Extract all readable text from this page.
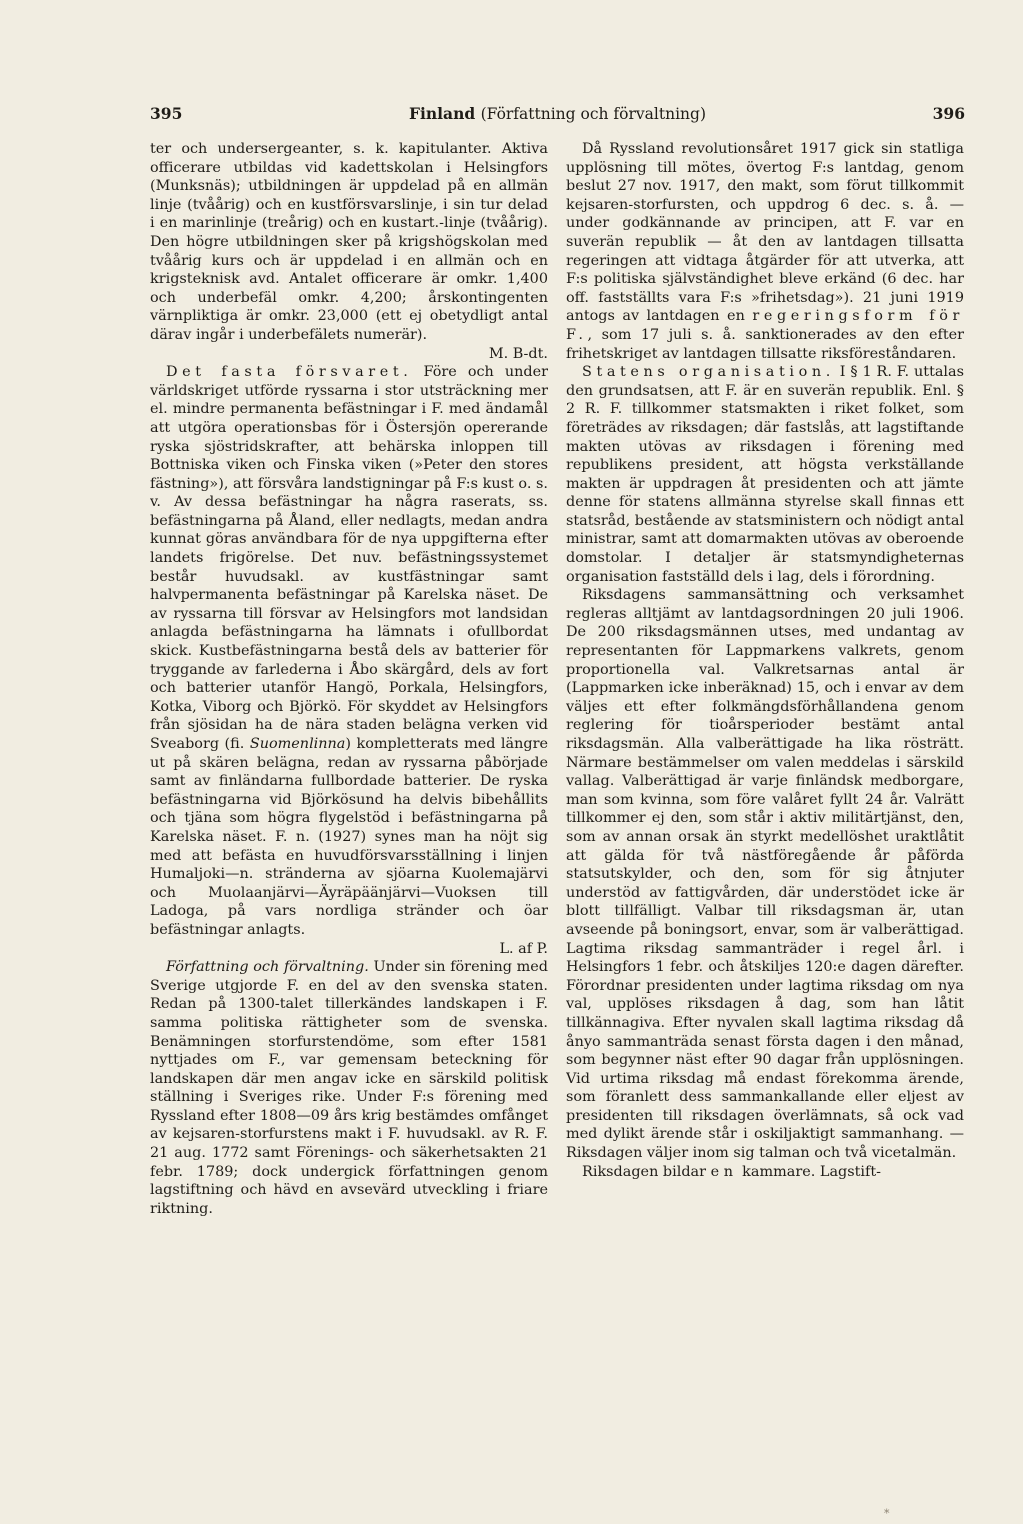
395	Finland (Författning och förvaltning)	396

ter och undersergeanter, s. k. kapitulanter. Aktiva officerare utbildas vid kadettskolan i Helsingfors (Munksnäs); utbildningen är uppdelad på en allmän linje (tvåårig) och en kustförsvarslinje, i sin tur delad i en marinlinje (treårig) och en kustart.-linje (tvåårig). Den högre utbildningen sker på krigshögskolan med tvåårig kurs och är uppdelad i en allmän och en krigsteknisk avd. Antalet officerare är omkr. 1,400 och underbefäl omkr. 4,200; årskontingenten värnpliktiga är omkr. 23,000 (ett ej obetydligt antal därav ingår i underbefälets numerär).

M. B-dt.

Det fasta försvaret. Före och under världskriget utförde ryssarna i stor utsträckning mer el. mindre permanenta befästningar i F. med ändamål att utgöra operationsbas för i Östersjön opererande ryska sjöstridskrafter, att behärska inloppen till Bottniska viken och Finska viken (»Peter den stores fästning»), att försvåra landstigningar på F:s kust o. s. v. Av dessa befästningar ha några raserats, ss. befästningarna på Åland, eller nedlagts, medan andra kunnat göras användbara för de nya uppgifterna efter landets frigörelse. Det nuv. befästningssystemet består huvudsakl. av kustfästningar samt halvpermanenta befästningar på Karelska näset. De av ryssarna till försvar av Helsingfors mot landsidan anlagda befästningarna ha lämnats i ofullbordat skick. Kustbefästningarna bestå dels av batterier för tryggande av farlederna i Åbo skärgård, dels av fort och batterier utanför Hangö, Porkala, Helsingfors, Kotka, Viborg och Björkö. För skyddet av Helsingfors från sjösidan ha de nära staden belägna verken vid Sveaborg (fi. Suomenlinna) kompletterats med längre ut på skären belägna, redan av ryssarna påbörjade samt av finländarna fullbordade batterier. De ryska befästningarna vid Björkösund ha delvis bibehållits och tjäna som högra flygelstöd i befästningarna på Karelska näset. F. n. (1927) synes man ha nöjt sig med att befästa en huvudförsvarsställning i linjen Humaljoki—n. stränderna av sjöarna Kuolemajärvi och Muolaanjärvi—Äyräpäänjärvi—Vuoksen till Ladoga, på vars nordliga stränder och öar befästningar anlagts.

L. af P.

Författning och förvaltning. Under sin förening med Sverige utgjorde F. en del av den svenska staten. Redan på 1300-talet tillerkändes landskapen i F. samma politiska rättigheter som de svenska. Benämningen storfurstendöme, som efter 1581 nyttjades om F., var gemensam beteckning för landskapen där men angav icke en särskild politisk ställning i Sveriges rike. Under F:s förening med Ryssland efter 1808—09 års krig bestämdes omfånget av kejsaren-storfurstens makt i F. huvudsakl. av R. F. 21 aug. 1772 samt Förenings- och säkerhetsakten 21 febr. 1789; dock undergick författningen genom lagstiftning och hävd en avsevärd utveckling i friare riktning.

Då Ryssland revolutionsåret 1917 gick sin statliga upplösning till mötes, övertog F:s lantdag, genom beslut 27 nov. 1917, den makt, som förut tillkommit kejsaren-storfursten, och uppdrog 6 dec. s. å. — under godkännande av principen, att F. var en suverän republik — åt den av lantdagen tillsatta regeringen att vidtaga åtgärder för att utverka, att F:s politiska självständighet bleve erkänd (6 dec. har off. fastställts vara F:s »frihetsdag»). 21 juni 1919 antogs av lantdagen en regeringsform för F., som 17 juli s. å. sanktionerades av den efter frihetskriget av lantdagen tillsatte riksföreståndaren.

Statens organisation. I § 1 R. F. uttalas den grundsatsen, att F. är en suverän republik. Enl. § 2 R. F. tillkommer statsmakten i riket folket, som företrädes av riksdagen; där fastslås, att lagstiftande makten utövas av riksdagen i förening med republikens president, att högsta verkställande makten är uppdragen åt presidenten och att jämte denne för statens allmänna styrelse skall finnas ett statsråd, bestående av statsministern och nödigt antal ministrar, samt att domarmakten utövas av oberoende domstolar. I detaljer är statsmyndigheternas organisation fastställd dels i lag, dels i förordning.

Riksdagens sammansättning och verksamhet regleras alltjämt av lantdagsordningen 20 juli 1906. De 200 riksdagsmännen utses, med undantag av representanten för Lappmarkens valkrets, genom proportionella val. Valkretsarnas antal är (Lappmarken icke inberäknad) 15, och i envar av dem väljes ett efter folkmängdsförhållandena genom reglering för tioårsperioder bestämt antal riksdagsmän. Alla valberättigade ha lika rösträtt. Närmare bestämmelser om valen meddelas i särskild vallag. Valberättigad är varje finländsk medborgare, man som kvinna, som före valåret fyllt 24 år. Valrätt tillkommer ej den, som står i aktiv militärtjänst, den, som av annan orsak än styrkt medellöshet uraktlåtit att gälda för två nästföregående år påförda statsutskylder, och den, som för sig åtnjuter understöd av fattigvården, där understödet icke är blott tillfälligt. Valbar till riksdagsman är, utan avseende på boningsort, envar, som är valberättigad. Lagtima riksdag sammanträder i regel årl. i Helsingfors 1 febr. och åtskiljes 120:e dagen därefter. Förordnar presidenten under lagtima riksdag om nya val, upplöses riksdagen å dag, som han låtit tillkännagiva. Efter nyvalen skall lagtima riksdag då ånyo sammanträda senast första dagen i den månad, som begynner näst efter 90 dagar från upplösningen. Vid urtima riksdag må endast förekomma ärende, som föranlett dess sammankallande eller eljest av presidenten till riksdagen överlämnats, så ock vad med dylikt ärende står i oskiljaktigt sammanhang. — Riksdagen väljer inom sig talman och två vicetalmän.

Riksdagen bildar en kammare. Lagstift-

*
